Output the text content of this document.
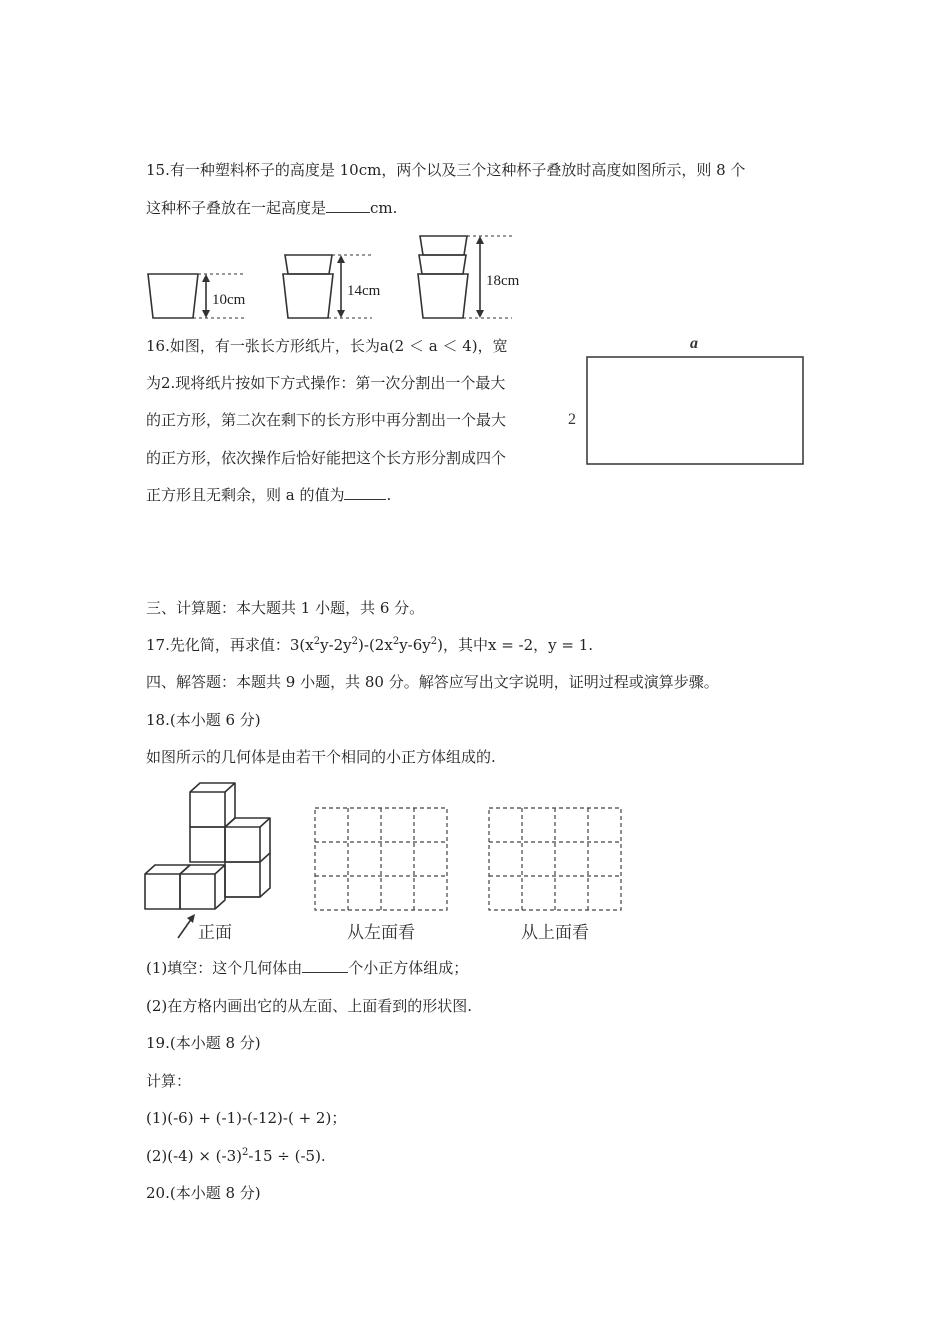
15.有一种塑料杯子的高度是 10cm，两个以及三个这种杯子叠放时高度如图所示，则 8 个
这种杯子叠放在一起高度是	cm.
10cm
14cm
18cm
16.如图，有一张长方形纸片，长为a(2 ＜ a ＜ 4)，宽
为2.现将纸片按如下方式操作：第一次分割出一个最大
的正方形，第二次在剩下的长方形中再分割出一个最大
的正方形，依次操作后恰好能把这个长方形分割成四个
正方形且无剩余，则 a 的值为	.
a
2
三、计算题：本大题共 1 小题，共 6 分。
17.先化简，再求值：$3(x^2y-2y^2)-(2x^2y-6y^2)$，其中x = -2，y = 1.
四、解答题：本题共 9 小题，共 80 分。解答应写出文字说明，证明过程或演算步骤。
18.(本小题 6 分)
如图所示的几何体是由若干个相同的小正方体组成的.
正面	从左面看	从上面看
(1)填空：这个几何体由	个小正方体组成；
(2)在方格内画出它的从左面、上面看到的形状图.
19.(本小题 8 分)
计算：
(1)(-6) + (-1)-(-12)-( + 2)；
$(2)(-4) \times (-3)^2-15 \div (-5)$.
20.(本小题 8 分)
